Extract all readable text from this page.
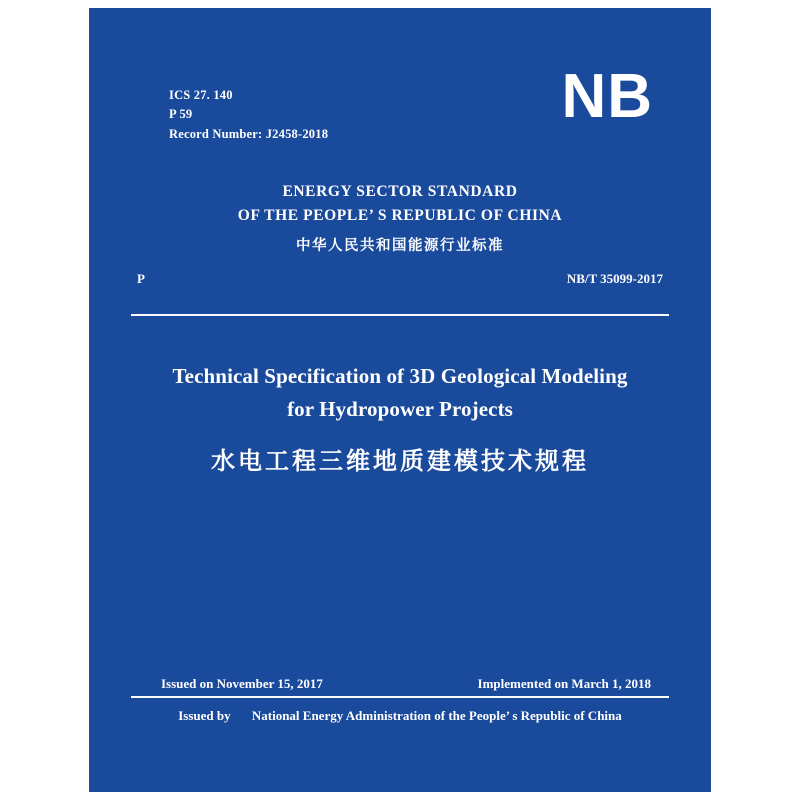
ICS 27. 140
P 59
Record Number: J2458-2018
NB
ENERGY SECTOR STANDARD
OF THE PEOPLE’ S REPUBLIC OF CHINA
中华人民共和国能源行业标准
P	NB/T 35099-2017
Technical Specification of 3D Geological Modeling
for Hydropower Projects
水电工程三维地质建模技术规程
Issued on November 15, 2017	Implemented on March 1, 2018
Issued by National Energy Administration of the People’ s Republic of China
